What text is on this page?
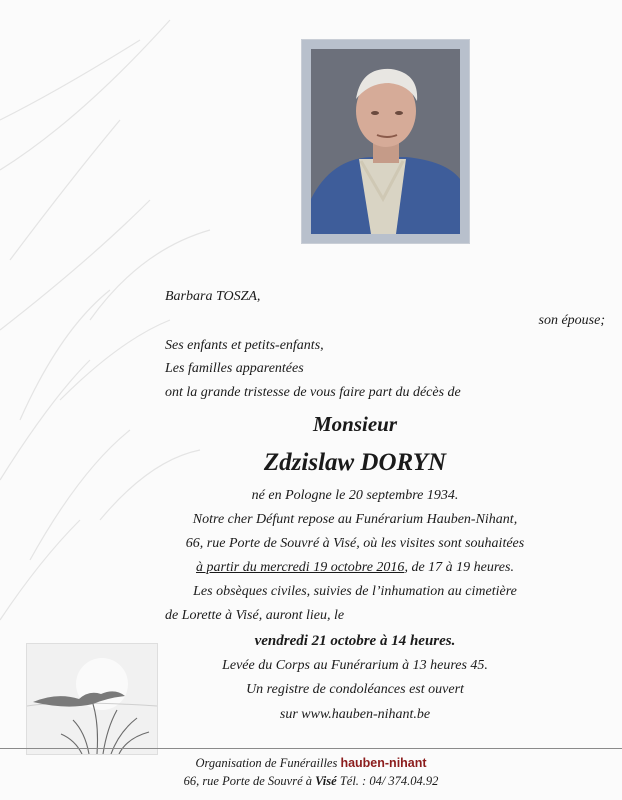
Barbara TOSZA,
son épouse;
Ses enfants et petits-enfants,
Les familles apparentées
ont la grande tristesse de vous faire part du décès de
Monsieur
Zdzislaw DORYN
né en Pologne le 20 septembre 1934.
Notre cher Défunt repose au Funérarium Hauben-Nihant,
66, rue Porte de Souvré à Visé, où les visites sont souhaitées
à partir du mercredi 19 octobre 2016, de 17 à 19 heures.
Les obsèques civiles, suivies de l’inhumation au cimetière
de Lorette à Visé, auront lieu, le
vendredi 21 octobre à 14 heures.
Levée du Corps au Funérarium à 13 heures 45.
Un registre de condoléances est ouvert
sur www.hauben-nihant.be
Organisation de Funérailles hauben-nihant
66, rue Porte de Souvré à Visé Tél. : 04/ 374.04.92
